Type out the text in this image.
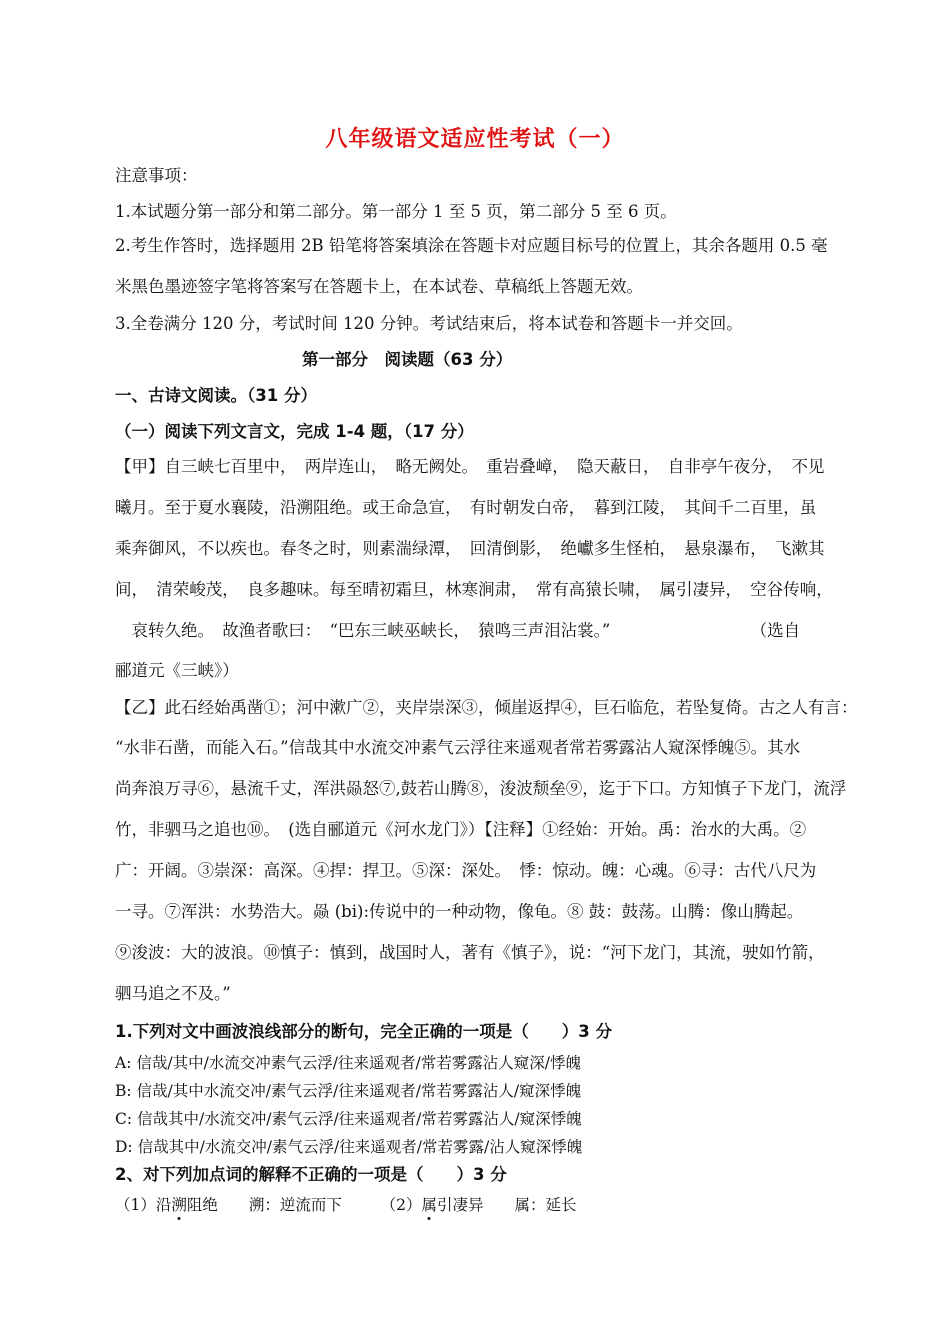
八年级语文适应性考试（一）
注意事项：
1.本试题分第一部分和第二部分。第一部分 1 至 5 页，第二部分 5 至 6 页。
2.考生作答时，选择题用 2B 铅笔将答案填涂在答题卡对应题目标号的位置上，其余各题用 0.5 毫
米黑色墨迹签字笔将答案写在答题卡上，在本试卷、草稿纸上答题无效。
3.全卷满分 120 分，考试时间 120 分钟。考试结束后，将本试卷和答题卡一并交回。
第一部分　阅读题（63 分）
一、古诗文阅读。（31 分）
（一）阅读下列文言文，完成 1-4 题，（17 分）
【甲】自三峡七百里中，　两岸连山，　略无阙处。　重岩叠嶂，　隐天蔽日，　自非亭午夜分，　不见
曦月。至于夏水襄陵，沿溯阻绝。或王命急宣，　有时朝发白帝，　暮到江陵，　其间千二百里，虽
乘奔御风，不以疾也。春冬之时，则素湍绿潭，　回清倒影，　绝巘多生怪柏，　悬泉瀑布，　飞漱其
间，　清荣峻茂，　良多趣味。每至晴初霜旦，林寒涧肃，　常有高猿长啸，　属引凄异，　空谷传响，
　哀转久绝。　故渔者歌曰：　“巴东三峡巫峡长，　猿鸣三声泪沾裳。”　　　　　　　　　（选自
郦道元《三峡》）
【乙】此石经始禹凿①；河中漱广②，夹岸崇深③，倾崖返捍④，巨石临危，若坠复倚。古之人有言：
“水非石凿，而能入石。”信哉其中水流交冲素气云浮往来遥观者常若雾露沾人窥深悸魄⑤。其水
尚奔浪万寻⑥，悬流千丈，浑洪赑怒⑦,鼓若山腾⑧，浚波颓垒⑨，迄于下口。方知慎子下龙门，流浮
竹，非驷马之追也⑩。　(选自郦道元《河水龙门》）【注释】①经始：开始。禹：治水的大禹。②
广：开阔。③崇深：高深。④捍：捍卫。⑤深：深处。　悸：惊动。魄：心魂。⑥寻：古代八尺为
一寻。⑦浑洪：水势浩大。赑 (bi):传说中的一种动物，像龟。⑧ 鼓：鼓荡。山腾：像山腾起。
⑨浚波：大的波浪。⑩慎子：慎到，战国时人，著有《慎子》，说：“河下龙门，其流，驶如竹箭，
驷马追之不及。”
1.下列对文中画波浪线部分的断句，完全正确的一项是（　　）3 分
A: 信哉/其中/水流交冲素气云浮/往来遥观者/常若雾露沾人窥深/悸魄
B: 信哉/其中水流交冲/素气云浮/往来遥观者/常若雾露沾人/窥深悸魄
C: 信哉其中/水流交冲/素气云浮/往来遥观者/常若雾露沾人/窥深悸魄
D: 信哉其中/水流交冲/素气云浮/往来遥观者/常若雾露/沾人窥深悸魄
2、对下列加点词的解释不正确的一项是（　　）3 分
（1）沿溯阻绝　　溯：逆流而下　　　（2）属引凄异　　属：延长
